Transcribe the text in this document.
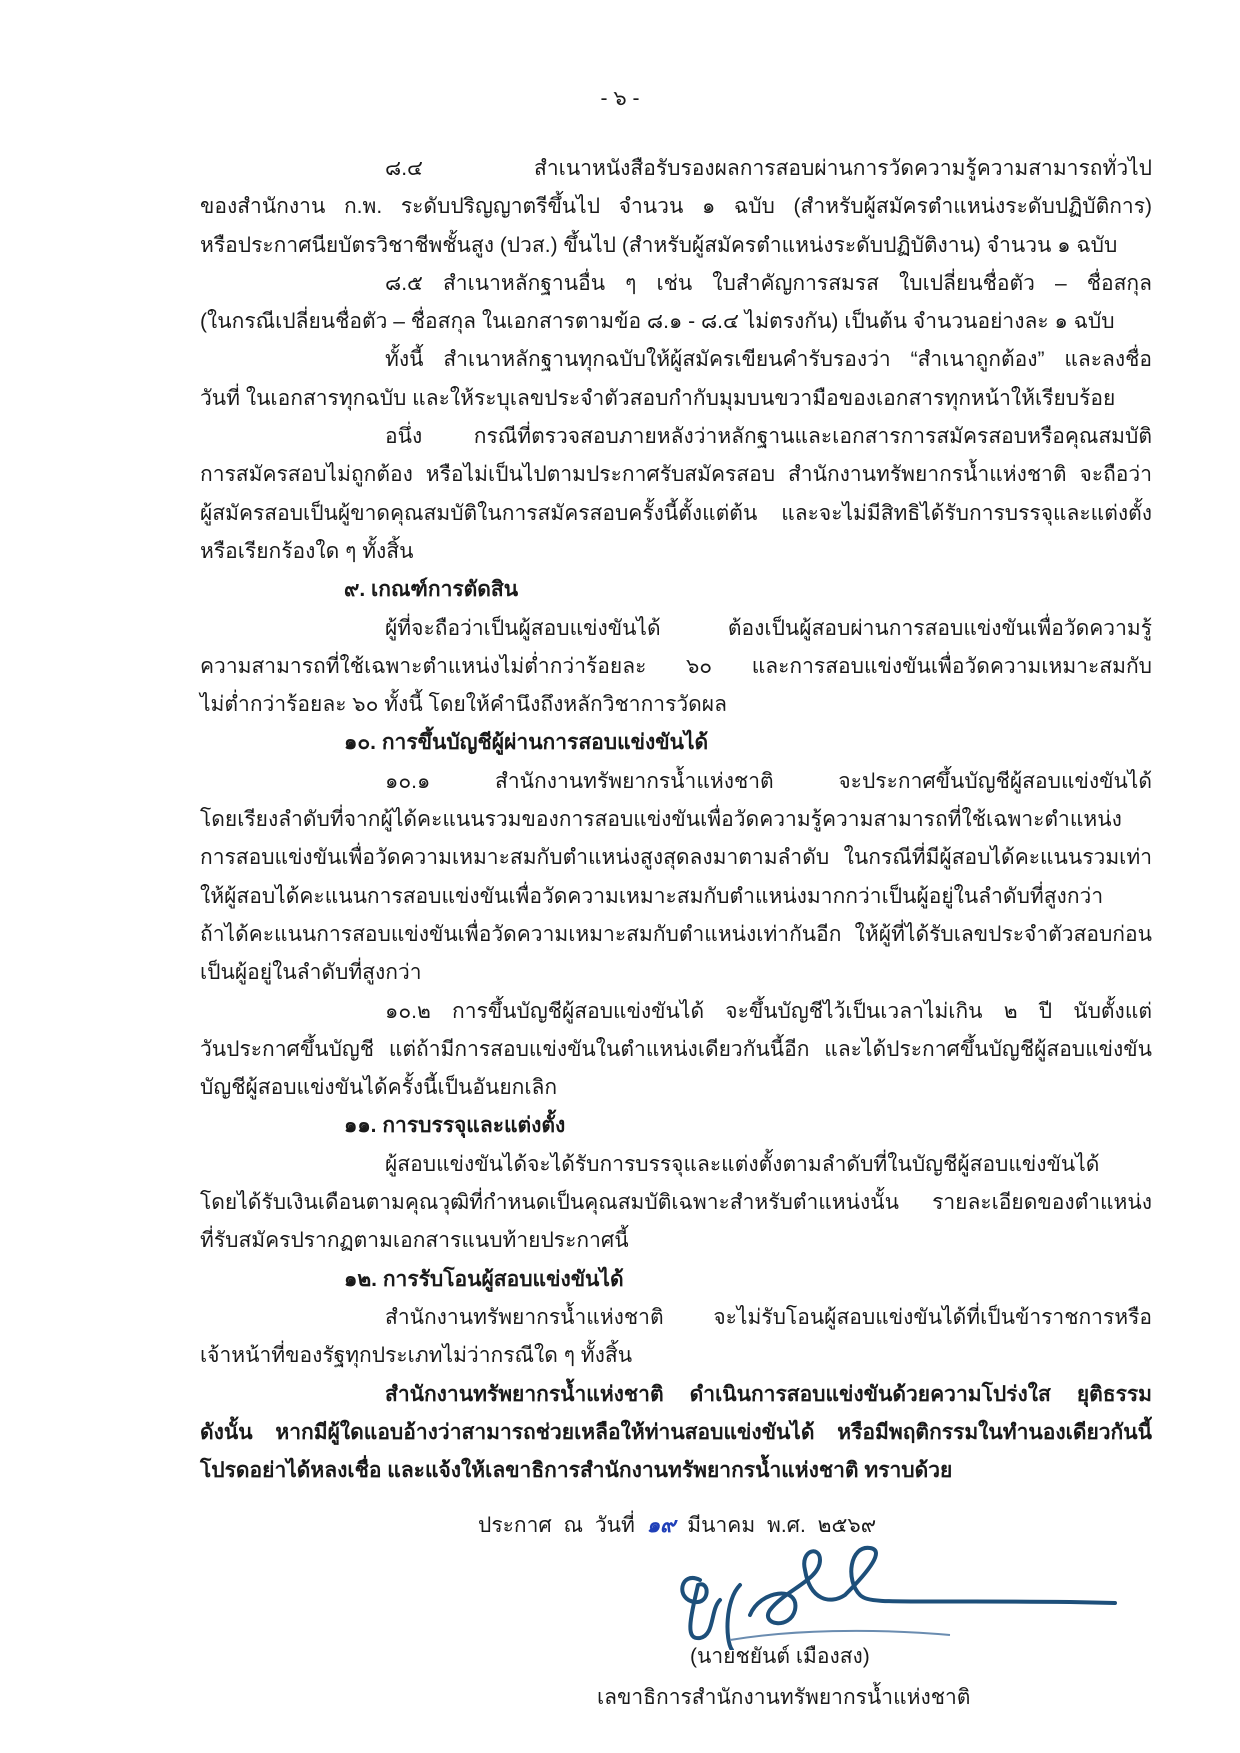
- ๖ -
๘.๔ สำเนาหนังสือรับรองผลการสอบผ่านการวัดความรู้ความสามารถทั่วไป
ของสำนักงาน ก.พ. ระดับปริญญาตรีขึ้นไป จำนวน ๑ ฉบับ (สำหรับผู้สมัครตำแหน่งระดับปฏิบัติการ)
หรือประกาศนียบัตรวิชาชีพชั้นสูง (ปวส.) ขึ้นไป (สำหรับผู้สมัครตำแหน่งระดับปฏิบัติงาน) จำนวน ๑ ฉบับ
๘.๕ สำเนาหลักฐานอื่น ๆ เช่น ใบสำคัญการสมรส ใบเปลี่ยนชื่อตัว – ชื่อสกุล
(ในกรณีเปลี่ยนชื่อตัว – ชื่อสกุล ในเอกสารตามข้อ ๘.๑ - ๘.๔ ไม่ตรงกัน) เป็นต้น จำนวนอย่างละ ๑ ฉบับ
ทั้งนี้ สำเนาหลักฐานทุกฉบับให้ผู้สมัครเขียนคำรับรองว่า “สำเนาถูกต้อง” และลงชื่อ
วันที่ ในเอกสารทุกฉบับ และให้ระบุเลขประจำตัวสอบกำกับมุมบนขวามือของเอกสารทุกหน้าให้เรียบร้อย
อนึ่ง กรณีที่ตรวจสอบภายหลังว่าหลักฐานและเอกสารการสมัครสอบหรือคุณสมบัติ
การสมัครสอบไม่ถูกต้อง หรือไม่เป็นไปตามประกาศรับสมัครสอบ สำนักงานทรัพยากรน้ำแห่งชาติ จะถือว่า
ผู้สมัครสอบเป็นผู้ขาดคุณสมบัติในการสมัครสอบครั้งนี้ตั้งแต่ต้น และจะไม่มีสิทธิได้รับการบรรจุและแต่งตั้ง
หรือเรียกร้องใด ๆ ทั้งสิ้น
๙. เกณฑ์การตัดสิน
ผู้ที่จะถือว่าเป็นผู้สอบแข่งขันได้ ต้องเป็นผู้สอบผ่านการสอบแข่งขันเพื่อวัดความรู้
ความสามารถที่ใช้เฉพาะตำแหน่งไม่ต่ำกว่าร้อยละ ๖๐ และการสอบแข่งขันเพื่อวัดความเหมาะสมกับ
ไม่ต่ำกว่าร้อยละ ๖๐ ทั้งนี้ โดยให้คำนึงถึงหลักวิชาการวัดผล
๑๐. การขึ้นบัญชีผู้ผ่านการสอบแข่งขันได้
๑๐.๑ สำนักงานทรัพยากรน้ำแห่งชาติ จะประกาศขึ้นบัญชีผู้สอบแข่งขันได้
โดยเรียงลำดับที่จากผู้ได้คะแนนรวมของการสอบแข่งขันเพื่อวัดความรู้ความสามารถที่ใช้เฉพาะตำแหน่ง
การสอบแข่งขันเพื่อวัดความเหมาะสมกับตำแหน่งสูงสุดลงมาตามลำดับ ในกรณีที่มีผู้สอบได้คะแนนรวมเท่า
ให้ผู้สอบได้คะแนนการสอบแข่งขันเพื่อวัดความเหมาะสมกับตำแหน่งมากกว่าเป็นผู้อยู่ในลำดับที่สูงกว่า
ถ้าได้คะแนนการสอบแข่งขันเพื่อวัดความเหมาะสมกับตำแหน่งเท่ากันอีก ให้ผู้ที่ได้รับเลขประจำตัวสอบก่อน
เป็นผู้อยู่ในลำดับที่สูงกว่า
๑๐.๒ การขึ้นบัญชีผู้สอบแข่งขันได้ จะขึ้นบัญชีไว้เป็นเวลาไม่เกิน ๒ ปี นับตั้งแต่
วันประกาศขึ้นบัญชี แต่ถ้ามีการสอบแข่งขันในตำแหน่งเดียวกันนี้อีก และได้ประกาศขึ้นบัญชีผู้สอบแข่งขัน
บัญชีผู้สอบแข่งขันได้ครั้งนี้เป็นอันยกเลิก
๑๑. การบรรจุและแต่งตั้ง
ผู้สอบแข่งขันได้จะได้รับการบรรจุและแต่งตั้งตามลำดับที่ในบัญชีผู้สอบแข่งขันได้
โดยได้รับเงินเดือนตามคุณวุฒิที่กำหนดเป็นคุณสมบัติเฉพาะสำหรับตำแหน่งนั้น รายละเอียดของตำแหน่ง
ที่รับสมัครปรากฏตามเอกสารแนบท้ายประกาศนี้
๑๒. การรับโอนผู้สอบแข่งขันได้
สำนักงานทรัพยากรน้ำแห่งชาติ จะไม่รับโอนผู้สอบแข่งขันได้ที่เป็นข้าราชการหรือ
เจ้าหน้าที่ของรัฐทุกประเภทไม่ว่ากรณีใด ๆ ทั้งสิ้น
สำนักงานทรัพยากรน้ำแห่งชาติ ดำเนินการสอบแข่งขันด้วยความโปร่งใส ยุติธรรม
ดังนั้น หากมีผู้ใดแอบอ้างว่าสามารถช่วยเหลือให้ท่านสอบแข่งขันได้ หรือมีพฤติกรรมในทำนองเดียวกันนี้
โปรดอย่าได้หลงเชื่อ และแจ้งให้เลขาธิการสำนักงานทรัพยากรน้ำแห่งชาติ ทราบด้วย
ประกาศ ณ วันที่ ๑๙ มีนาคม พ.ศ. ๒๕๖๙
(นายชยันต์ เมืองสง)
เลขาธิการสำนักงานทรัพยากรน้ำแห่งชาติ
